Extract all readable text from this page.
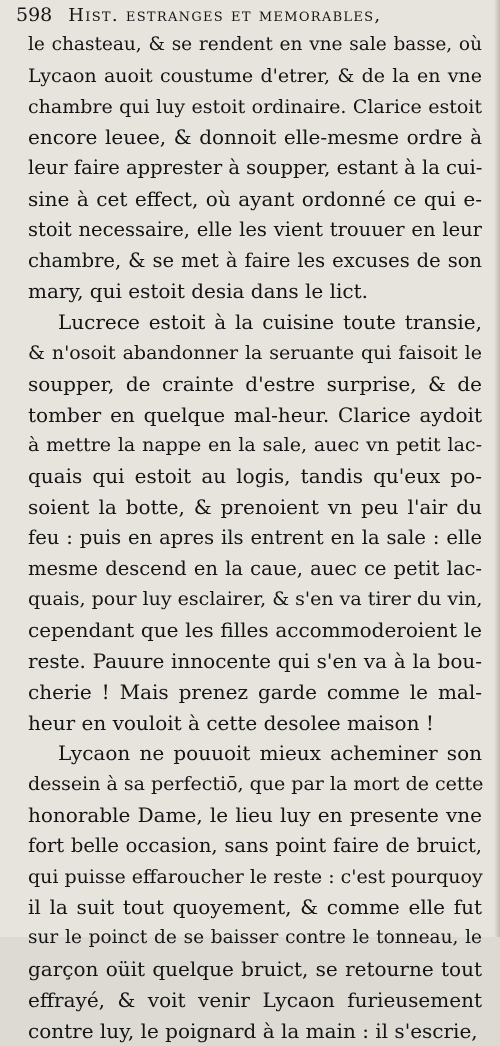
598 Hist. estranges et memorables,
le chasteau, & se rendent en vne sale basse, où
Lycaon auoit coustume d'etrer, & de la en vne
chambre qui luy estoit ordinaire. Clarice estoit
encore leuee, & donnoit elle-mesme ordre à
leur faire apprester à soupper, estant à la cui-
sine à cet effect, où ayant ordonné ce qui e-
stoit necessaire, elle les vient trouuer en leur
chambre, & se met à faire les excuses de son
mary, qui estoit desia dans le lict.
Lucrece estoit à la cuisine toute transie,
& n'osoit abandonner la seruante qui faisoit le
soupper, de crainte d'estre surprise, & de
tomber en quelque mal-heur. Clarice aydoit
à mettre la nappe en la sale, auec vn petit lac-
quais qui estoit au logis, tandis qu'eux po-
soient la botte, & prenoient vn peu l'air du
feu : puis en apres ils entrent en la sale : elle
mesme descend en la caue, auec ce petit lac-
quais, pour luy esclairer, & s'en va tirer du vin,
cependant que les filles accommoderoient le
reste. Pauure innocente qui s'en va à la bou-
cherie ! Mais prenez garde comme le mal-
heur en vouloit à cette desolee maison !
Lycaon ne pouuoit mieux acheminer son
dessein à sa perfectiō, que par la mort de cette
honorable Dame, le lieu luy en presente vne
fort belle occasion, sans point faire de bruict,
qui puisse effaroucher le reste : c'est pourquoy
il la suit tout quoyement, & comme elle fut
sur le poinct de se baisser contre le tonneau, le
garçon oüit quelque bruict, se retourne tout
effrayé, & voit venir Lycaon furieusement
contre luy, le poignard à la main : il s'escrie,
